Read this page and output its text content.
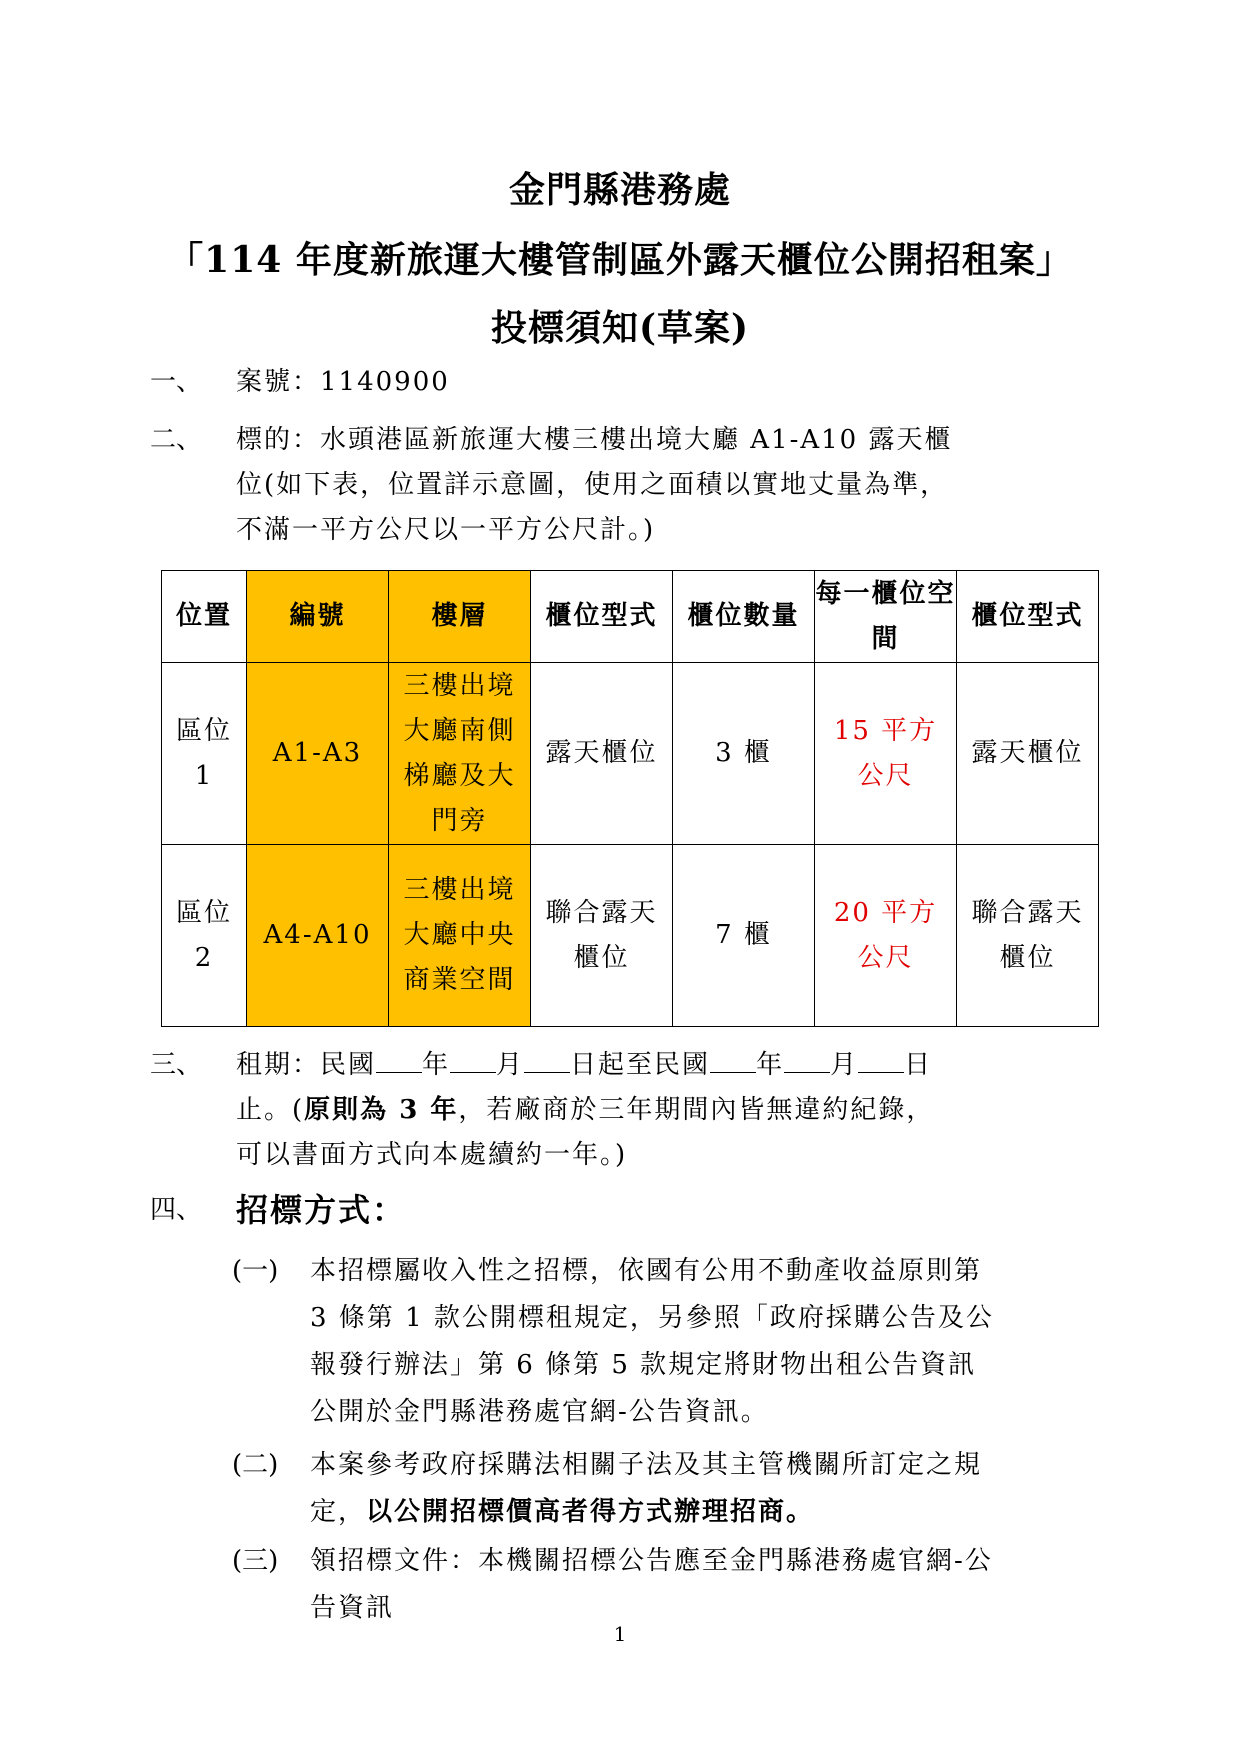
金門縣港務處
「114 年度新旅運大樓管制區外露天櫃位公開招租案」
投標須知(草案)
一、	案號：1140900
二、	標的：水頭港區新旅運大樓三樓出境大廳 A1-A10 露天櫃位(如下表，位置詳示意圖，使用之面積以實地丈量為準，不滿一平方公尺以一平方公尺計。)
位置	編號	樓層	櫃位型式	櫃位數量	每一櫃位空間	櫃位型式
區位 1	A1-A3	三樓出境大廳南側梯廳及大門旁	露天櫃位	3 櫃	15 平方公尺	露天櫃位
區位 2	A4-A10	三樓出境大廳中央商業空間	聯合露天櫃位	7 櫃	20 平方公尺	聯合露天櫃位
三、	租期：民國 年 月 日起至民國 年 月 日止。(原則為 3 年，若廠商於三年期間內皆無違約紀錄，可以書面方式向本處續約一年。)
四、	招標方式：
(一)	本招標屬收入性之招標，依國有公用不動產收益原則第 3 條第 1 款公開標租規定，另參照「政府採購公告及公報發行辦法」第 6 條第 5 款規定將財物出租公告資訊公開於金門縣港務處官網-公告資訊。
(二)	本案參考政府採購法相關子法及其主管機關所訂定之規定，以公開招標價高者得方式辦理招商。
(三)	領招標文件：本機關招標公告應至金門縣港務處官網-公告資訊
1
